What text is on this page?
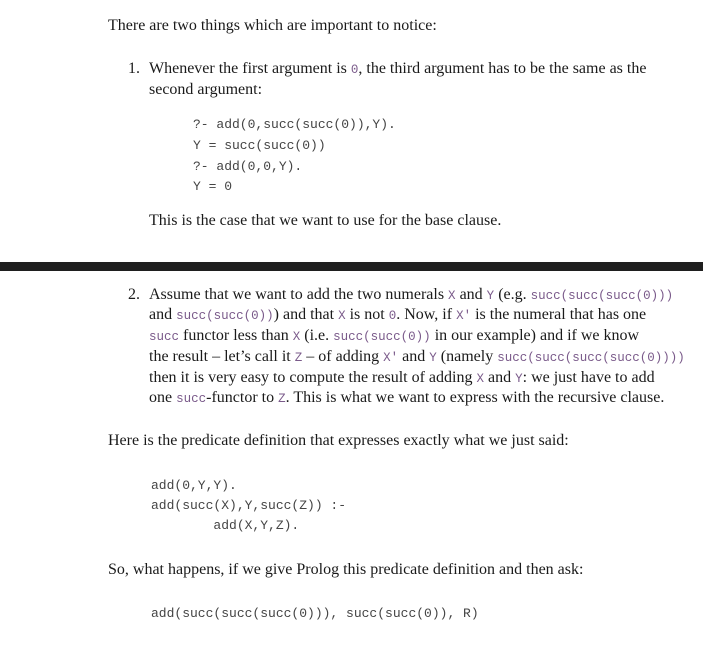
There are two things which are important to notice:
1. Whenever the first argument is 0, the third argument has to be the same as the
second argument:
?- add(0,succ(succ(0)),Y).
Y = succ(succ(0))
?- add(0,0,Y).
Y = 0
This is the case that we want to use for the base clause.
2. Assume that we want to add the two numerals X and Y (e.g. succ(succ(succ(0)))
and succ(succ(0))) and that X is not 0. Now, if X' is the numeral that has one
succ functor less than X (i.e. succ(succ(0)) in our example) and if we know
the result – let’s call it Z – of adding X' and Y (namely succ(succ(succ(succ(0))))
then it is very easy to compute the result of adding X and Y: we just have to add
one succ-functor to Z. This is what we want to express with the recursive clause.
Here is the predicate definition that expresses exactly what we just said:
add(0,Y,Y).
add(succ(X),Y,succ(Z)) :-
add(X,Y,Z).
So, what happens, if we give Prolog this predicate definition and then ask:
add(succ(succ(succ(0))), succ(succ(0)), R)
